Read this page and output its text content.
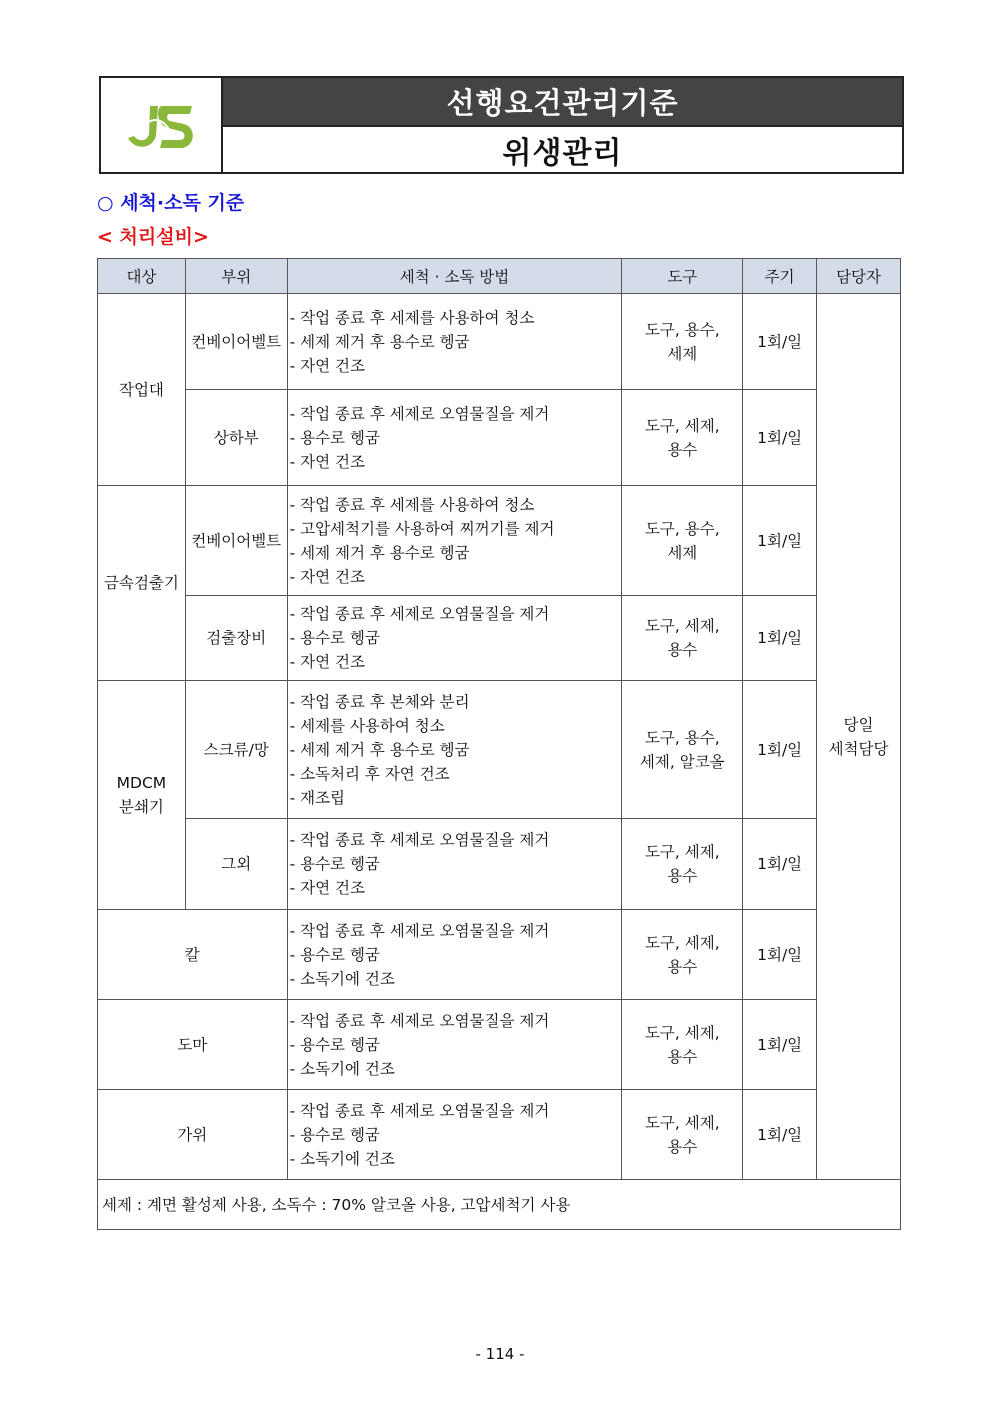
선행요건관리기준
위생관리
○ 세척·소독 기준
< 처리설비>
대상	부위	세척 · 소독 방법	도구	주기	담당자
작업대	컨베이어벨트	- 작업 종료 후 세제를 사용하여 청소
- 세제 제거 후 용수로 헹굼
- 자연 건조	도구, 용수,
세제	1회/일	당일
세척담당

	상하부	- 작업 종료 후 세제로 오염물질을 제거
- 용수로 헹굼
- 자연 건조	도구, 세제,
용수	1회/일	
금속검출기	컨베이어벨트	- 작업 종료 후 세제를 사용하여 청소
- 고압세척기를 사용하여 찌꺼기를 제거
- 세제 제거 후 용수로 헹굼
- 자연 건조	도구, 용수,
세제	1회/일	
	검출장비	- 작업 종료 후 세제로 오염물질을 제거
- 용수로 헹굼
- 자연 건조	도구, 세제,
용수	1회/일	

MDCM
분쇄기	스크류/망	- 작업 종료 후 본체와 분리
- 세제를 사용하여 청소
- 세제 제거 후 용수로 헹굼
- 소독처리 후 자연 건조
- 재조립	도구, 용수,
세제, 알코올	1회/일	
	그외	- 작업 종료 후 세제로 오염물질을 제거
- 용수로 헹굼
- 자연 건조	도구, 세제,
용수	1회/일	
칼		- 작업 종료 후 세제로 오염물질을 제거
- 용수로 헹굼
- 소독기에 건조	도구, 세제,
용수	1회/일	
도마		- 작업 종료 후 세제로 오염물질을 제거
- 용수로 헹굼
- 소독기에 건조	도구, 세제,
용수	1회/일	
가위		- 작업 종료 후 세제로 오염물질을 제거
- 용수로 헹굼
- 소독기에 건조	도구, 세제,
용수	1회/일	
세제 : 계면 활성제 사용, 소독수 : 70% 알코올 사용, 고압세척기 사용					
- 114 -
